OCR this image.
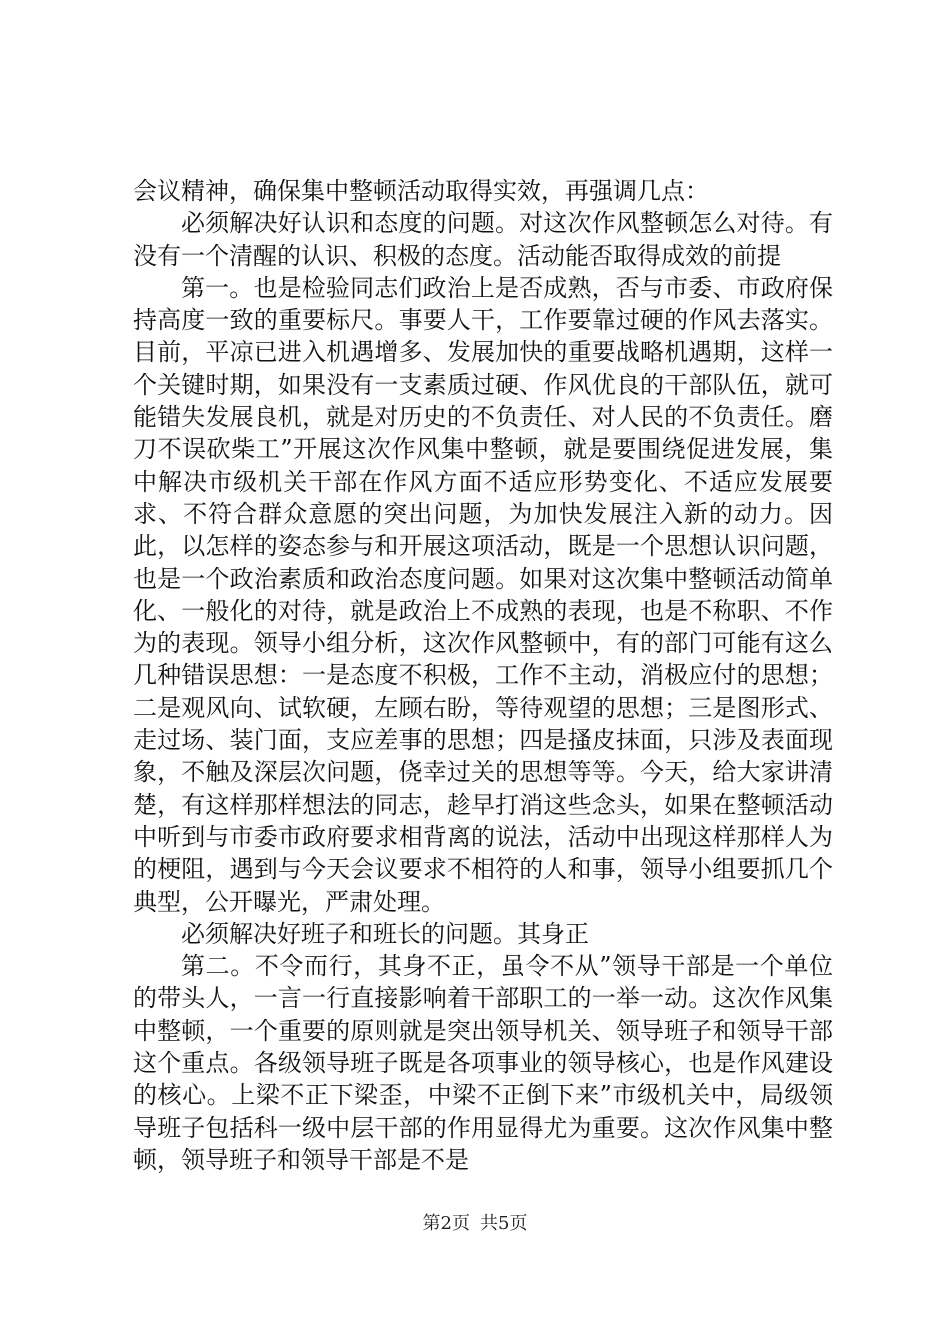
会议精神，确保集中整顿活动取得实效，再强调几点：

必须解决好认识和态度的问题。对这次作风整顿怎么对待。有没有一个清醒的认识、积极的态度。活动能否取得成效的前提

第一。也是检验同志们政治上是否成熟，否与市委、市政府保持高度一致的重要标尺。事要人干，工作要靠过硬的作风去落实。目前，平凉已进入机遇增多、发展加快的重要战略机遇期，这样一个关键时期，如果没有一支素质过硬、作风优良的干部队伍，就可能错失发展良机，就是对历史的不负责任、对人民的不负责任。磨刀不误砍柴工”开展这次作风集中整顿，就是要围绕促进发展，集中解决市级机关干部在作风方面不适应形势变化、不适应发展要求、不符合群众意愿的突出问题，为加快发展注入新的动力。因此，以怎样的姿态参与和开展这项活动，既是一个思想认识问题，也是一个政治素质和政治态度问题。如果对这次集中整顿活动简单化、一般化的对待，就是政治上不成熟的表现，也是不称职、不作为的表现。领导小组分析，这次作风整顿中，有的部门可能有这么几种错误思想：一是态度不积极，工作不主动，消极应付的思想；二是观风向、试软硬，左顾右盼，等待观望的思想；三是图形式、走过场、装门面，支应差事的思想；四是搔皮抹面，只涉及表面现象，不触及深层次问题，侥幸过关的思想等等。今天，给大家讲清楚，有这样那样想法的同志，趁早打消这些念头，如果在整顿活动中听到与市委市政府要求相背离的说法，活动中出现这样那样人为的梗阻，遇到与今天会议要求不相符的人和事，领导小组要抓几个典型，公开曝光，严肃处理。

必须解决好班子和班长的问题。其身正

第二。不令而行，其身不正，虽令不从”领导干部是一个单位的带头人，一言一行直接影响着干部职工的一举一动。这次作风集中整顿，一个重要的原则就是突出领导机关、领导班子和领导干部这个重点。各级领导班子既是各项事业的领导核心，也是作风建设的核心。上梁不正下梁歪，中梁不正倒下来”市级机关中，局级领导班子包括科一级中层干部的作用显得尤为重要。这次作风集中整顿，领导班子和领导干部是不是

第2页 共5页
